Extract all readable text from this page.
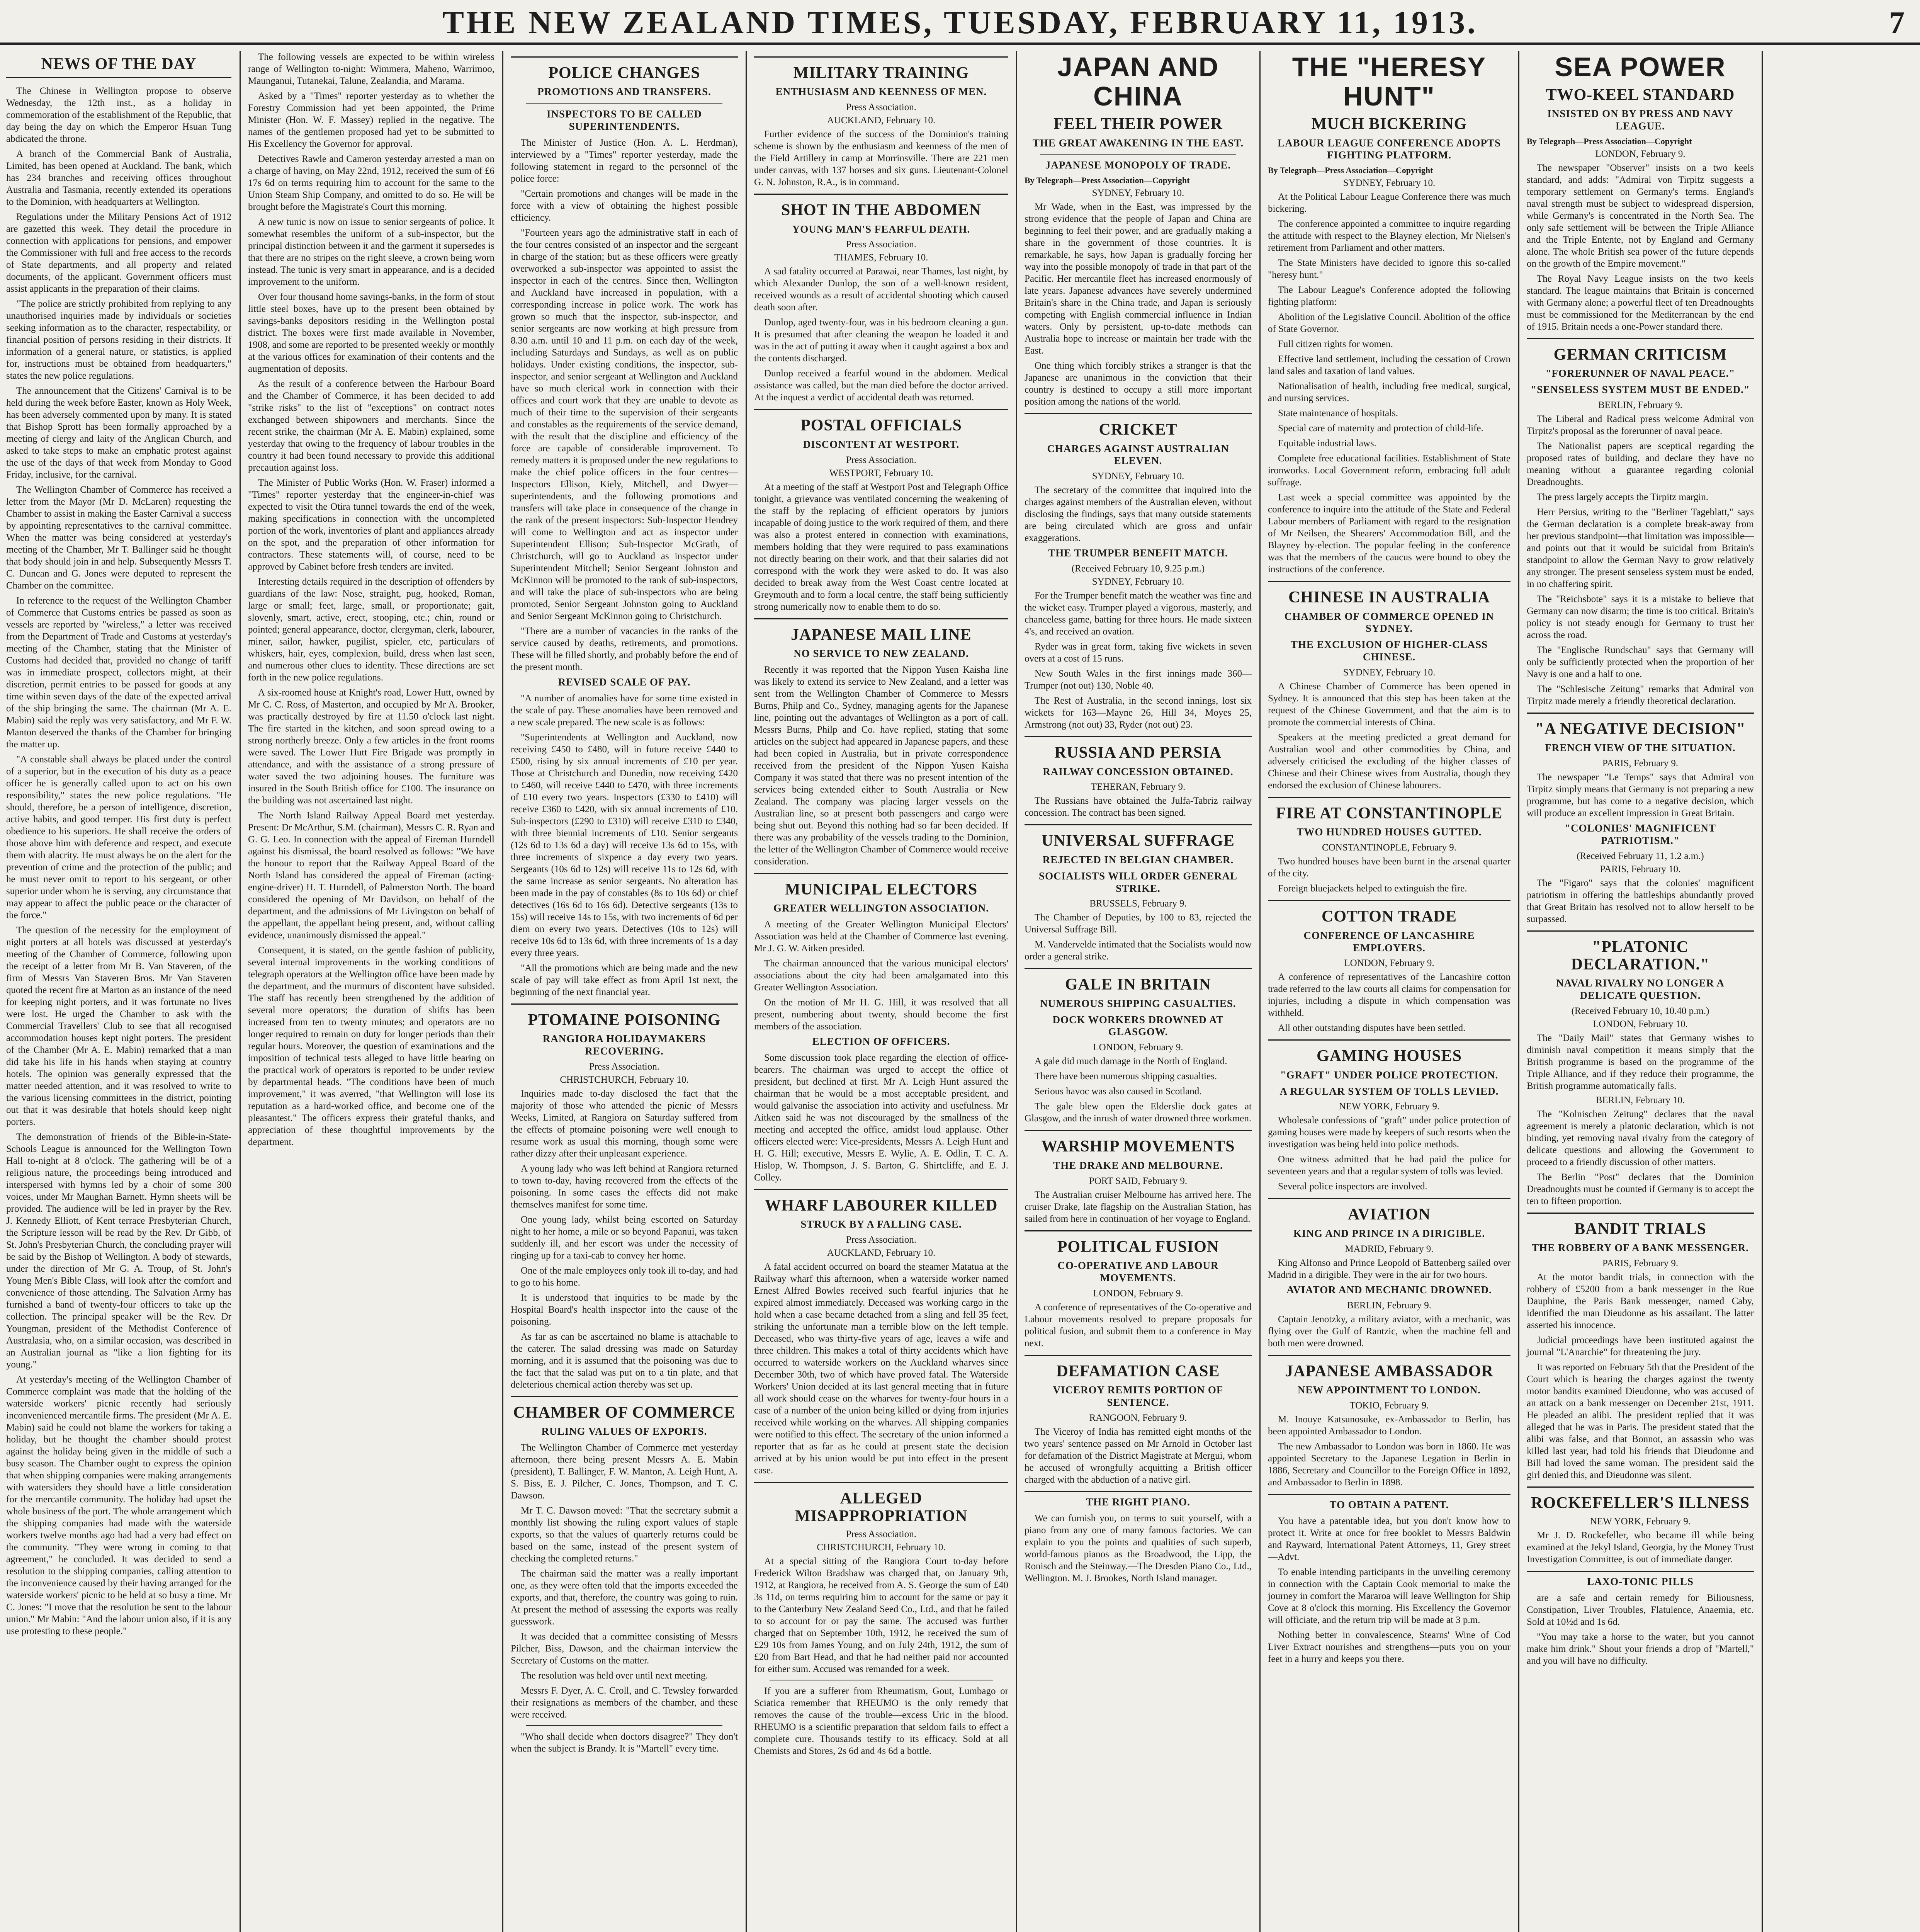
THE NEW ZEALAND TIMES, TUESDAY, FEBRUARY 11, 1913.	7
NEWS OF THE DAY

The Chinese in Wellington propose to observe Wednesday, the 12th inst., as a holiday in commemoration of the establishment of the Republic, that day being the day on which the Emperor Hsuan Tung abdicated the throne.

A branch of the Commercial Bank of Australia, Limited, has been opened at Auckland. The bank, which has 234 branches and receiving offices throughout Australia and Tasmania, recently extended its operations to the Dominion, with headquarters at Wellington.

Regulations under the Military Pensions Act of 1912 are gazetted this week. They detail the procedure in connection with applications for pensions, and empower the Commissioner with full and free access to the records of State departments, and all property and related documents, of the applicant. Government officers must assist applicants in the preparation of their claims.

"The police are strictly prohibited from replying to any unauthorised inquiries made by individuals or societies seeking information as to the character, respectability, or financial position of persons residing in their districts. If information of a general nature, or statistics, is applied for, instructions must be obtained from headquarters," states the new police regulations.

The announcement that the Citizens' Carnival is to be held during the week before Easter, known as Holy Week, has been adversely commented upon by many. It is stated that Bishop Sprott has been formally approached by a meeting of clergy and laity of the Anglican Church, and asked to take steps to make an emphatic protest against the use of the days of that week from Monday to Good Friday, inclusive, for the carnival.

The Wellington Chamber of Commerce has received a letter from the Mayor (Mr D. McLaren) requesting the Chamber to assist in making the Easter Carnival a success by appointing representatives to the carnival committee. When the matter was being considered at yesterday's meeting of the Chamber, Mr T. Ballinger said he thought that body should join in and help. Subsequently Messrs T. C. Duncan and G. Jones were deputed to represent the Chamber on the committee.

In reference to the request of the Wellington Chamber of Commerce that Customs entries be passed as soon as vessels are reported by "wireless," a letter was received from the Department of Trade and Customs at yesterday's meeting of the Chamber, stating that the Minister of Customs had decided that, provided no change of tariff was in immediate prospect, collectors might, at their discretion, permit entries to be passed for goods at any time within seven days of the date of the expected arrival of the ship bringing the same. The chairman (Mr A. E. Mabin) said the reply was very satisfactory, and Mr F. W. Manton deserved the thanks of the Chamber for bringing the matter up.

"A constable shall always be placed under the control of a superior, but in the execution of his duty as a peace officer he is generally called upon to act on his own responsibility," states the new police regulations. "He should, therefore, be a person of intelligence, discretion, active habits, and good temper. His first duty is perfect obedience to his superiors. He shall receive the orders of those above him with deference and respect, and execute them with alacrity. He must always be on the alert for the prevention of crime and the protection of the public; and he must never omit to report to his sergeant, or other superior under whom he is serving, any circumstance that may appear to affect the public peace or the character of the force."

The question of the necessity for the employment of night porters at all hotels was discussed at yesterday's meeting of the Chamber of Commerce, following upon the receipt of a letter from Mr B. Van Staveren, of the firm of Messrs Van Staveren Bros. Mr Van Staveren quoted the recent fire at Marton as an instance of the need for keeping night porters, and it was fortunate no lives were lost. He urged the Chamber to ask with the Commercial Travellers' Club to see that all recognised accommodation houses kept night porters. The president of the Chamber (Mr A. E. Mabin) remarked that a man did take his life in his hands when staying at country hotels. The opinion was generally expressed that the matter needed attention, and it was resolved to write to the various licensing committees in the district, pointing out that it was desirable that hotels should keep night porters.

The demonstration of friends of the Bible-in-State-Schools League is announced for the Wellington Town Hall to-night at 8 o'clock. The gathering will be of a religious nature, the proceedings being introduced and interspersed with hymns led by a choir of some 300 voices, under Mr Maughan Barnett. Hymn sheets will be provided. The audience will be led in prayer by the Rev. J. Kennedy Elliott, of Kent terrace Presbyterian Church, the Scripture lesson will be read by the Rev. Dr Gibb, of St. John's Presbyterian Church, the concluding prayer will be said by the Bishop of Wellington. A body of stewards, under the direction of Mr G. A. Troup, of St. John's Young Men's Bible Class, will look after the comfort and convenience of those attending. The Salvation Army has furnished a band of twenty-four officers to take up the collection. The principal speaker will be the Rev. Dr Youngman, president of the Methodist Conference of Australasia, who, on a similar occasion, was described in an Australian journal as "like a lion fighting for its young."

At yesterday's meeting of the Wellington Chamber of Commerce complaint was made that the holding of the waterside workers' picnic recently had seriously inconvenienced mercantile firms. The president (Mr A. E. Mabin) said he could not blame the workers for taking a holiday, but he thought the chamber should protest against the holiday being given in the middle of such a busy season. The Chamber ought to express the opinion that when shipping companies were making arrangements with watersiders they should have a little consideration for the mercantile community. The holiday had upset the whole business of the port. The whole arrangement which the shipping companies had made with the waterside workers twelve months ago had had a very bad effect on the community. "They were wrong in coming to that agreement," he concluded. It was decided to send a resolution to the shipping companies, calling attention to the inconvenience caused by their having arranged for the waterside workers' picnic to be held at so busy a time. Mr C. Jones: "I move that the resolution be sent to the labour union." Mr Mabin: "And the labour union also, if it is any use protesting to these people."

The following vessels are expected to be within wireless range of Wellington to-night: Wimmera, Maheno, Warrimoo, Maunganui, Tutanekai, Talune, Zealandia, and Marama.

Asked by a "Times" reporter yesterday as to whether the Forestry Commission had yet been appointed, the Prime Minister (Hon. W. F. Massey) replied in the negative. The names of the gentlemen proposed had yet to be submitted to His Excellency the Governor for approval.

Detectives Rawle and Cameron yesterday arrested a man on a charge of having, on May 22nd, 1912, received the sum of £6 17s 6d on terms requiring him to account for the same to the Union Steam Ship Company, and omitted to do so. He will be brought before the Magistrate's Court this morning.

A new tunic is now on issue to senior sergeants of police. It somewhat resembles the uniform of a sub-inspector, but the principal distinction between it and the garment it supersedes is that there are no stripes on the right sleeve, a crown being worn instead. The tunic is very smart in appearance, and is a decided improvement to the uniform.

Over four thousand home savings-banks, in the form of stout little steel boxes, have up to the present been obtained by savings-banks depositors residing in the Wellington postal district. The boxes were first made available in November, 1908, and some are reported to be presented weekly or monthly at the various offices for examination of their contents and the augmentation of deposits.

As the result of a conference between the Harbour Board and the Chamber of Commerce, it has been decided to add "strike risks" to the list of "exceptions" on contract notes exchanged between shipowners and merchants. Since the recent strike, the chairman (Mr A. E. Mabin) explained, some yesterday that owing to the frequency of labour troubles in the country it had been found necessary to provide this additional precaution against loss.

The Minister of Public Works (Hon. W. Fraser) informed a "Times" reporter yesterday that the engineer-in-chief was expected to visit the Otira tunnel towards the end of the week, making specifications in connection with the uncompleted portion of the work, inventories of plant and appliances already on the spot, and the preparation of other information for contractors. These statements will, of course, need to be approved by Cabinet before fresh tenders are invited.

Interesting details required in the description of offenders by guardians of the law: Nose, straight, pug, hooked, Roman, large or small; feet, large, small, or proportionate; gait, slovenly, smart, active, erect, stooping, etc.; chin, round or pointed; general appearance, doctor, clergyman, clerk, labourer, miner, sailor, hawker, pugilist, spieler, etc, particulars of whiskers, hair, eyes, complexion, build, dress when last seen, and numerous other clues to identity. These directions are set forth in the new police regulations.

A six-roomed house at Knight's road, Lower Hutt, owned by Mr C. C. Ross, of Masterton, and occupied by Mr A. Brooker, was practically destroyed by fire at 11.50 o'clock last night. The fire started in the kitchen, and soon spread owing to a strong northerly breeze. Only a few articles in the front rooms were saved. The Lower Hutt Fire Brigade was promptly in attendance, and with the assistance of a strong pressure of water saved the two adjoining houses. The furniture was insured in the South British office for £100. The insurance on the building was not ascertained last night.

The North Island Railway Appeal Board met yesterday. Present: Dr McArthur, S.M. (chairman), Messrs C. R. Ryan and G. G. Leo. In connection with the appeal of Fireman Hurndell against his dismissal, the board resolved as follows: "We have the honour to report that the Railway Appeal Board of the North Island has considered the appeal of Fireman (acting-engine-driver) H. T. Hurndell, of Palmerston North. The board considered the opening of Mr Davidson, on behalf of the department, and the admissions of Mr Livingston on behalf of the appellant, the appellant being present, and, without calling evidence, unanimously dismissed the appeal."

Consequent, it is stated, on the gentle fashion of publicity, several internal improvements in the working conditions of telegraph operators at the Wellington office have been made by the department, and the murmurs of discontent have subsided. The staff has recently been strengthened by the addition of several more operators; the duration of shifts has been increased from ten to twenty minutes; and operators are no longer required to remain on duty for longer periods than their regular hours. Moreover, the question of examinations and the imposition of technical tests alleged to have little bearing on the practical work of operators is reported to be under review by departmental heads. "The conditions have been of much improvement," it was averred, "that Wellington will lose its reputation as a hard-worked office, and become one of the pleasantest." The officers express their grateful thanks, and appreciation of these thoughtful improvements by the department.

POLICE CHANGES
PROMOTIONS AND TRANSFERS.
INSPECTORS TO BE CALLED SUPERINTENDENTS.

The Minister of Justice (Hon. A. L. Herdman), interviewed by a "Times" reporter yesterday, made the following statement in regard to the personnel of the police force:

"Certain promotions and changes will be made in the force with a view of obtaining the highest possible efficiency.

"Fourteen years ago the administrative staff in each of the four centres consisted of an inspector and the sergeant in charge of the station; but as these officers were greatly overworked a sub-inspector was appointed to assist the inspector in each of the centres. Since then, Wellington and Auckland have increased in population, with a corresponding increase in police work. The work has grown so much that the inspector, sub-inspector, and senior sergeants are now working at high pressure from 8.30 a.m. until 10 and 11 p.m. on each day of the week, including Saturdays and Sundays, as well as on public holidays. Under existing conditions, the inspector, sub-inspector, and senior sergeant at Wellington and Auckland have so much clerical work in connection with their offices and court work that they are unable to devote as much of their time to the supervision of their sergeants and constables as the requirements of the service demand, with the result that the discipline and efficiency of the force are capable of considerable improvement. To remedy matters it is proposed under the new regulations to make the chief police officers in the four centres—Inspectors Ellison, Kiely, Mitchell, and Dwyer—superintendents, and the following promotions and transfers will take place in consequence of the change in the rank of the present inspectors: Sub-Inspector Hendrey will come to Wellington and act as inspector under Superintendent Ellison; Sub-Inspector McGrath, of Christchurch, will go to Auckland as inspector under Superintendent Mitchell; Senior Sergeant Johnston and McKinnon will be promoted to the rank of sub-inspectors, and will take the place of sub-inspectors who are being promoted, Senior Sergeant Johnston going to Auckland and Senior Sergeant McKinnon going to Christchurch.

"There are a number of vacancies in the ranks of the service caused by deaths, retirements, and promotions. These will be filled shortly, and probably before the end of the present month.

REVISED SCALE OF PAY.

"A number of anomalies have for some time existed in the scale of pay. These anomalies have been removed and a new scale prepared. The new scale is as follows:

"Superintendents at Wellington and Auckland, now receiving £450 to £480, will in future receive £440 to £500, rising by six annual increments of £10 per year. Those at Christchurch and Dunedin, now receiving £420 to £460, will receive £440 to £470, with three increments of £10 every two years. Inspectors (£330 to £410) will receive £360 to £420, with six annual increments of £10. Sub-inspectors (£290 to £310) will receive £310 to £340, with three biennial increments of £10. Senior sergeants (12s 6d to 13s 6d a day) will receive 13s 6d to 15s, with three increments of sixpence a day every two years. Sergeants (10s 6d to 12s) will receive 11s to 12s 6d, with the same increase as senior sergeants. No alteration has been made in the pay of constables (8s to 10s 6d) or chief detectives (16s 6d to 16s 6d). Detective sergeants (13s to 15s) will receive 14s to 15s, with two increments of 6d per diem on every two years. Detectives (10s to 12s) will receive 10s 6d to 13s 6d, with three increments of 1s a day every three years.

"All the promotions which are being made and the new scale of pay will take effect as from April 1st next, the beginning of the next financial year.

PTOMAINE POISONING
RANGIORA HOLIDAYMAKERS RECOVERING.
Press Association.
CHRISTCHURCH, February 10.

Inquiries made to-day disclosed the fact that the majority of those who attended the picnic of Messrs Weeks, Limited, at Rangiora on Saturday suffered from the effects of ptomaine poisoning were well enough to resume work as usual this morning, though some were rather dizzy after their unpleasant experience.

A young lady who was left behind at Rangiora returned to town to-day, having recovered from the effects of the poisoning. In some cases the effects did not make themselves manifest for some time.

One young lady, whilst being escorted on Saturday night to her home, a mile or so beyond Papanui, was taken suddenly ill, and her escort was under the necessity of ringing up for a taxi-cab to convey her home.

One of the male employees only took ill to-day, and had to go to his home.

It is understood that inquiries to be made by the Hospital Board's health inspector into the cause of the poisoning.

As far as can be ascertained no blame is attachable to the caterer. The salad dressing was made on Saturday morning, and it is assumed that the poisoning was due to the fact that the salad was put on to a tin plate, and that deleterious chemical action thereby was set up.

CHAMBER OF COMMERCE
RULING VALUES OF EXPORTS.

The Wellington Chamber of Commerce met yesterday afternoon, there being present Messrs A. E. Mabin (president), T. Ballinger, F. W. Manton, A. Leigh Hunt, A. S. Biss, E. J. Pilcher, C. Jones, Thompson, and T. C. Dawson.

Mr T. C. Dawson moved: "That the secretary submit a monthly list showing the ruling export values of staple exports, so that the values of quarterly returns could be based on the same, instead of the present system of checking the completed returns."

The chairman said the matter was a really important one, as they were often told that the imports exceeded the exports, and that, therefore, the country was going to ruin. At present the method of assessing the exports was really guesswork.

It was decided that a committee consisting of Messrs Pilcher, Biss, Dawson, and the chairman interview the Secretary of Customs on the matter.

The resolution was held over until next meeting.

Messrs F. Dyer, A. C. Croll, and C. Tewsley forwarded their resignations as members of the chamber, and these were received.

"Who shall decide when doctors disagree?" They don't when the subject is Brandy. It is "Martell" every time.

MILITARY TRAINING
ENTHUSIASM AND KEENNESS OF MEN.
Press Association.
AUCKLAND, February 10.

Further evidence of the success of the Dominion's training scheme is shown by the enthusiasm and keenness of the men of the Field Artillery in camp at Morrinsville. There are 221 men under canvas, with 137 horses and six guns. Lieutenant-Colonel G. N. Johnston, R.A., is in command.

SHOT IN THE ABDOMEN
YOUNG MAN'S FEARFUL DEATH.
Press Association.
THAMES, February 10.

A sad fatality occurred at Parawai, near Thames, last night, by which Alexander Dunlop, the son of a well-known resident, received wounds as a result of accidental shooting which caused death soon after.

Dunlop, aged twenty-four, was in his bedroom cleaning a gun. It is presumed that after cleaning the weapon he loaded it and was in the act of putting it away when it caught against a box and the contents discharged.

Dunlop received a fearful wound in the abdomen. Medical assistance was called, but the man died before the doctor arrived. At the inquest a verdict of accidental death was returned.

POSTAL OFFICIALS
DISCONTENT AT WESTPORT.
Press Association.
WESTPORT, February 10.

At a meeting of the staff at Westport Post and Telegraph Office tonight, a grievance was ventilated concerning the weakening of the staff by the replacing of efficient operators by juniors incapable of doing justice to the work required of them, and there was also a protest entered in connection with examinations, members holding that they were required to pass examinations not directly bearing on their work, and that their salaries did not correspond with the work they were asked to do. It was also decided to break away from the West Coast centre located at Greymouth and to form a local centre, the staff being sufficiently strong numerically now to enable them to do so.

JAPANESE MAIL LINE
NO SERVICE TO NEW ZEALAND.

Recently it was reported that the Nippon Yusen Kaisha line was likely to extend its service to New Zealand, and a letter was sent from the Wellington Chamber of Commerce to Messrs Burns, Philp and Co., Sydney, managing agents for the Japanese line, pointing out the advantages of Wellington as a port of call. Messrs Burns, Philp and Co. have replied, stating that some articles on the subject had appeared in Japanese papers, and these had been copied in Australia, but in private correspondence received from the president of the Nippon Yusen Kaisha Company it was stated that there was no present intention of the services being extended either to South Australia or New Zealand. The company was placing larger vessels on the Australian line, so at present both passengers and cargo were being shut out. Beyond this nothing had so far been decided. If there was any probability of the vessels trading to the Dominion, the letter of the Wellington Chamber of Commerce would receive consideration.

MUNICIPAL ELECTORS
GREATER WELLINGTON ASSOCIATION.

A meeting of the Greater Wellington Municipal Electors' Association was held at the Chamber of Commerce last evening. Mr J. G. W. Aitken presided.

The chairman announced that the various municipal electors' associations about the city had been amalgamated into this Greater Wellington Association.

On the motion of Mr H. G. Hill, it was resolved that all present, numbering about twenty, should become the first members of the association.

ELECTION OF OFFICERS.

Some discussion took place regarding the election of office-bearers. The chairman was urged to accept the office of president, but declined at first. Mr A. Leigh Hunt assured the chairman that he would be a most acceptable president, and would galvanise the association into activity and usefulness. Mr Aitken said he was not discouraged by the smallness of the meeting and accepted the office, amidst loud applause. Other officers elected were: Vice-presidents, Messrs A. Leigh Hunt and H. G. Hill; executive, Messrs E. Wylie, A. E. Odlin, T. C. A. Hislop, W. Thompson, J. S. Barton, G. Shirtcliffe, and E. J. Colley.

WHARF LABOURER KILLED
STRUCK BY A FALLING CASE.
Press Association.
AUCKLAND, February 10.

A fatal accident occurred on board the steamer Matatua at the Railway wharf this afternoon, when a waterside worker named Ernest Alfred Bowles received such fearful injuries that he expired almost immediately. Deceased was working cargo in the hold when a case became detached from a sling and fell 35 feet, striking the unfortunate man a terrible blow on the left temple. Deceased, who was thirty-five years of age, leaves a wife and three children. This makes a total of thirty accidents which have occurred to waterside workers on the Auckland wharves since December 30th, two of which have proved fatal. The Waterside Workers' Union decided at its last general meeting that in future all work should cease on the wharves for twenty-four hours in a case of a number of the union being killed or dying from injuries received while working on the wharves. All shipping companies were notified to this effect. The secretary of the union informed a reporter that as far as he could at present state the decision arrived at by his union would be put into effect in the present case.

ALLEGED MISAPPROPRIATION
Press Association.
CHRISTCHURCH, February 10.

At a special sitting of the Rangiora Court to-day before Frederick Wilton Bradshaw was charged that, on January 9th, 1912, at Rangiora, he received from A. S. George the sum of £40 3s 11d, on terms requiring him to account for the same or pay it to the Canterbury New Zealand Seed Co., Ltd., and that he failed to so account for or pay the same. The accused was further charged that on September 10th, 1912, he received the sum of £29 10s from James Young, and on July 24th, 1912, the sum of £20 from Bart Head, and that he had neither paid nor accounted for either sum. Accused was remanded for a week.

If you are a sufferer from Rheumatism, Gout, Lumbago or Sciatica remember that RHEUMO is the only remedy that removes the cause of the trouble—excess Uric in the blood. RHEUMO is a scientific preparation that seldom fails to effect a complete cure. Thousands testify to its efficacy. Sold at all Chemists and Stores, 2s 6d and 4s 6d a bottle.

JAPAN AND CHINA
FEEL THEIR POWER
THE GREAT AWAKENING IN THE EAST.
JAPANESE MONOPOLY OF TRADE.
By Telegraph—Press Association—Copyright
SYDNEY, February 10.

Mr Wade, when in the East, was impressed by the strong evidence that the people of Japan and China are beginning to feel their power, and are gradually making a share in the government of those countries. It is remarkable, he says, how Japan is gradually forcing her way into the possible monopoly of trade in that part of the Pacific. Her mercantile fleet has increased enormously of late years. Japanese advances have severely undermined Britain's share in the China trade, and Japan is seriously competing with English commercial influence in Indian waters. Only by persistent, up-to-date methods can Australia hope to increase or maintain her trade with the East.

One thing which forcibly strikes a stranger is that the Japanese are unanimous in the conviction that their country is destined to occupy a still more important position among the nations of the world.

CRICKET
CHARGES AGAINST AUSTRALIAN ELEVEN.
SYDNEY, February 10.

The secretary of the committee that inquired into the charges against members of the Australian eleven, without disclosing the findings, says that many outside statements are being circulated which are gross and unfair exaggerations.

THE TRUMPER BENEFIT MATCH.
(Received February 10, 9.25 p.m.)
SYDNEY, February 10.

For the Trumper benefit match the weather was fine and the wicket easy. Trumper played a vigorous, masterly, and chanceless game, batting for three hours. He made sixteen 4's, and received an ovation.

Ryder was in great form, taking five wickets in seven overs at a cost of 15 runs.

New South Wales in the first innings made 360—Trumper (not out) 130, Noble 40.

The Rest of Australia, in the second innings, lost six wickets for 163—Mayne 26, Hill 34, Moyes 25, Armstrong (not out) 33, Ryder (not out) 23.

RUSSIA AND PERSIA
RAILWAY CONCESSION OBTAINED.
TEHERAN, February 9.

The Russians have obtained the Julfa-Tabriz railway concession. The contract has been signed.

UNIVERSAL SUFFRAGE
REJECTED IN BELGIAN CHAMBER.
SOCIALISTS WILL ORDER GENERAL STRIKE.
BRUSSELS, February 9.

The Chamber of Deputies, by 100 to 83, rejected the Universal Suffrage Bill.

M. Vandervelde intimated that the Socialists would now order a general strike.

GALE IN BRITAIN
NUMEROUS SHIPPING CASUALTIES.
DOCK WORKERS DROWNED AT GLASGOW.
LONDON, February 9.

A gale did much damage in the North of England.

There have been numerous shipping casualties.

Serious havoc was also caused in Scotland.

The gale blew open the Elderslie dock gates at Glasgow, and the inrush of water drowned three workmen.

WARSHIP MOVEMENTS
THE DRAKE AND MELBOURNE.
PORT SAID, February 9.

The Australian cruiser Melbourne has arrived here. The cruiser Drake, late flagship on the Australian Station, has sailed from here in continuation of her voyage to England.

POLITICAL FUSION
CO-OPERATIVE AND LABOUR MOVEMENTS.
LONDON, February 9.

A conference of representatives of the Co-operative and Labour movements resolved to prepare proposals for political fusion, and submit them to a conference in May next.

DEFAMATION CASE
VICEROY REMITS PORTION OF SENTENCE.
RANGOON, February 9.

The Viceroy of India has remitted eight months of the two years' sentence passed on Mr Arnold in October last for defamation of the District Magistrate at Mergui, whom he accused of wrongfully acquitting a British officer charged with the abduction of a native girl.

THE RIGHT PIANO.

We can furnish you, on terms to suit yourself, with a piano from any one of many famous factories. We can explain to you the points and qualities of such superb, world-famous pianos as the Broadwood, the Lipp, the Ronisch and the Steinway.—The Dresden Piano Co., Ltd., Wellington. M. J. Brookes, North Island manager.

THE "HERESY HUNT"
MUCH BICKERING
LABOUR LEAGUE CONFERENCE ADOPTS FIGHTING PLATFORM.
By Telegraph—Press Association—Copyright
SYDNEY, February 10.

At the Political Labour League Conference there was much bickering.

The conference appointed a committee to inquire regarding the attitude with respect to the Blayney election, Mr Nielsen's retirement from Parliament and other matters.

The State Ministers have decided to ignore this so-called "heresy hunt."

The Labour League's Conference adopted the following fighting platform:

Abolition of the Legislative Council. Abolition of the office of State Governor.

Full citizen rights for women.

Effective land settlement, including the cessation of Crown land sales and taxation of land values.

Nationalisation of health, including free medical, surgical, and nursing services.

State maintenance of hospitals.

Special care of maternity and protection of child-life.

Equitable industrial laws.

Complete free educational facilities. Establishment of State ironworks. Local Government reform, embracing full adult suffrage.

Last week a special committee was appointed by the conference to inquire into the attitude of the State and Federal Labour members of Parliament with regard to the resignation of Mr Neilsen, the Shearers' Accommodation Bill, and the Blayney by-election. The popular feeling in the conference was that the members of the caucus were bound to obey the instructions of the conference.

CHINESE IN AUSTRALIA
CHAMBER OF COMMERCE OPENED IN SYDNEY.
THE EXCLUSION OF HIGHER-CLASS CHINESE.
SYDNEY, February 10.

A Chinese Chamber of Commerce has been opened in Sydney. It is announced that this step has been taken at the request of the Chinese Government, and that the aim is to promote the commercial interests of China.

Speakers at the meeting predicted a great demand for Australian wool and other commodities by China, and adversely criticised the excluding of the higher classes of Chinese and their Chinese wives from Australia, though they endorsed the exclusion of Chinese labourers.

FIRE AT CONSTANTINOPLE
TWO HUNDRED HOUSES GUTTED.
CONSTANTINOPLE, February 9.

Two hundred houses have been burnt in the arsenal quarter of the city.

Foreign bluejackets helped to extinguish the fire.

COTTON TRADE
CONFERENCE OF LANCASHIRE EMPLOYERS.
LONDON, February 9.

A conference of representatives of the Lancashire cotton trade referred to the law courts all claims for compensation for injuries, including a dispute in which compensation was withheld.

All other outstanding disputes have been settled.

GAMING HOUSES
"GRAFT" UNDER POLICE PROTECTION.
A REGULAR SYSTEM OF TOLLS LEVIED.
NEW YORK, February 9.

Wholesale confessions of "graft" under police protection of gaming houses were made by keepers of such resorts when the investigation was being held into police methods.

One witness admitted that he had paid the police for seventeen years and that a regular system of tolls was levied.

Several police inspectors are involved.

AVIATION
KING AND PRINCE IN A DIRIGIBLE.
MADRID, February 9.

King Alfonso and Prince Leopold of Battenberg sailed over Madrid in a dirigible. They were in the air for two hours.

AVIATOR AND MECHANIC DROWNED.
BERLIN, February 9.

Captain Jenotzky, a military aviator, with a mechanic, was flying over the Gulf of Rantzic, when the machine fell and both men were drowned.

JAPANESE AMBASSADOR
NEW APPOINTMENT TO LONDON.
TOKIO, February 9.

M. Inouye Katsunosuke, ex-Ambassador to Berlin, has been appointed Ambassador to London.

The new Ambassador to London was born in 1860. He was appointed Secretary to the Japanese Legation in Berlin in 1886, Secretary and Councillor to the Foreign Office in 1892, and Ambassador to Berlin in 1898.

TO OBTAIN A PATENT.

You have a patentable idea, but you don't know how to protect it. Write at once for free booklet to Messrs Baldwin and Rayward, International Patent Attorneys, 11, Grey street—Advt.

To enable intending participants in the unveiling ceremony in connection with the Captain Cook memorial to make the journey in comfort the Mararoa will leave Wellington for Ship Cove at 8 o'clock this morning. His Excellency the Governor will officiate, and the return trip will be made at 3 p.m.

Nothing better in convalescence, Stearns' Wine of Cod Liver Extract nourishes and strengthens—puts you on your feet in a hurry and keeps you there.

SEA POWER
TWO-KEEL STANDARD
INSISTED ON BY PRESS AND NAVY LEAGUE.
By Telegraph—Press Association—Copyright
LONDON, February 9.

The newspaper "Observer" insists on a two keels standard, and adds: "Admiral von Tirpitz suggests a temporary settlement on Germany's terms. England's naval strength must be subject to widespread dispersion, while Germany's is concentrated in the North Sea. The only safe settlement will be between the Triple Alliance and the Triple Entente, not by England and Germany alone. The whole British sea power of the future depends on the growth of the Empire movement."

The Royal Navy League insists on the two keels standard. The league maintains that Britain is concerned with Germany alone; a powerful fleet of ten Dreadnoughts must be commissioned for the Mediterranean by the end of 1915. Britain needs a one-Power standard there.

GERMAN CRITICISM
"FORERUNNER OF NAVAL PEACE."
"SENSELESS SYSTEM MUST BE ENDED."
BERLIN, February 9.

The Liberal and Radical press welcome Admiral von Tirpitz's proposal as the forerunner of naval peace.

The Nationalist papers are sceptical regarding the proposed rates of building, and declare they have no meaning without a guarantee regarding colonial Dreadnoughts.

The press largely accepts the Tirpitz margin.

Herr Persius, writing to the "Berliner Tageblatt," says the German declaration is a complete break-away from her previous standpoint—that limitation was impossible—and points out that it would be suicidal from Britain's standpoint to allow the German Navy to grow relatively any stronger. The present senseless system must be ended, in no chaffering spirit.

The "Reichsbote" says it is a mistake to believe that Germany can now disarm; the time is too critical. Britain's policy is not steady enough for Germany to trust her across the road.

The "Englische Rundschau" says that Germany will only be sufficiently protected when the proportion of her Navy is one and a half to one.

The "Schlesische Zeitung" remarks that Admiral von Tirpitz made merely a friendly theoretical declaration.

"A NEGATIVE DECISION"
FRENCH VIEW OF THE SITUATION.
PARIS, February 9.

The newspaper "Le Temps" says that Admiral von Tirpitz simply means that Germany is not preparing a new programme, but has come to a negative decision, which will produce an excellent impression in Great Britain.

"COLONIES' MAGNIFICENT PATRIOTISM."
(Received February 11, 1.2 a.m.)
PARIS, February 10.

The "Figaro" says that the colonies' magnificent patriotism in offering the battleships abundantly proved that Great Britain has resolved not to allow herself to be surpassed.

"PLATONIC DECLARATION."
NAVAL RIVALRY NO LONGER A DELICATE QUESTION.
(Received February 10, 10.40 p.m.)
LONDON, February 10.

The "Daily Mail" states that Germany wishes to diminish naval competition it means simply that the British programme is based on the programme of the Triple Alliance, and if they reduce their programme, the British programme automatically falls.

BERLIN, February 10.

The "Kolnischen Zeitung" declares that the naval agreement is merely a platonic declaration, which is not binding, yet removing naval rivalry from the category of delicate questions and allowing the Government to proceed to a friendly discussion of other matters.

The Berlin "Post" declares that the Dominion Dreadnoughts must be counted if Germany is to accept the ten to fifteen proportion.

BANDIT TRIALS
THE ROBBERY OF A BANK MESSENGER.
PARIS, February 9.

At the motor bandit trials, in connection with the robbery of £5200 from a bank messenger in the Rue Dauphine, the Paris Bank messenger, named Caby, identified the man Dieudonne as his assailant. The latter asserted his innocence.

Judicial proceedings have been instituted against the journal "L'Anarchie" for threatening the jury.

It was reported on February 5th that the President of the Court which is hearing the charges against the twenty motor bandits examined Dieudonne, who was accused of an attack on a bank messenger on December 21st, 1911. He pleaded an alibi. The president replied that it was alleged that he was in Paris. The president stated that the alibi was false, and that Bonnot, an assassin who was killed last year, had told his friends that Dieudonne and Bill had loved the same woman. The president said the girl denied this, and Dieudonne was silent.

ROCKEFELLER'S ILLNESS
NEW YORK, February 9.

Mr J. D. Rockefeller, who became ill while being examined at the Jekyl Island, Georgia, by the Money Trust Investigation Committee, is out of immediate danger.

LAXO-TONIC PILLS

are a safe and certain remedy for Biliousness, Constipation, Liver Troubles, Flatulence, Anaemia, etc. Sold at 10½d and 1s 6d.

"You may take a horse to the water, but you cannot make him drink." Shout your friends a drop of "Martell," and you will have no difficulty.
